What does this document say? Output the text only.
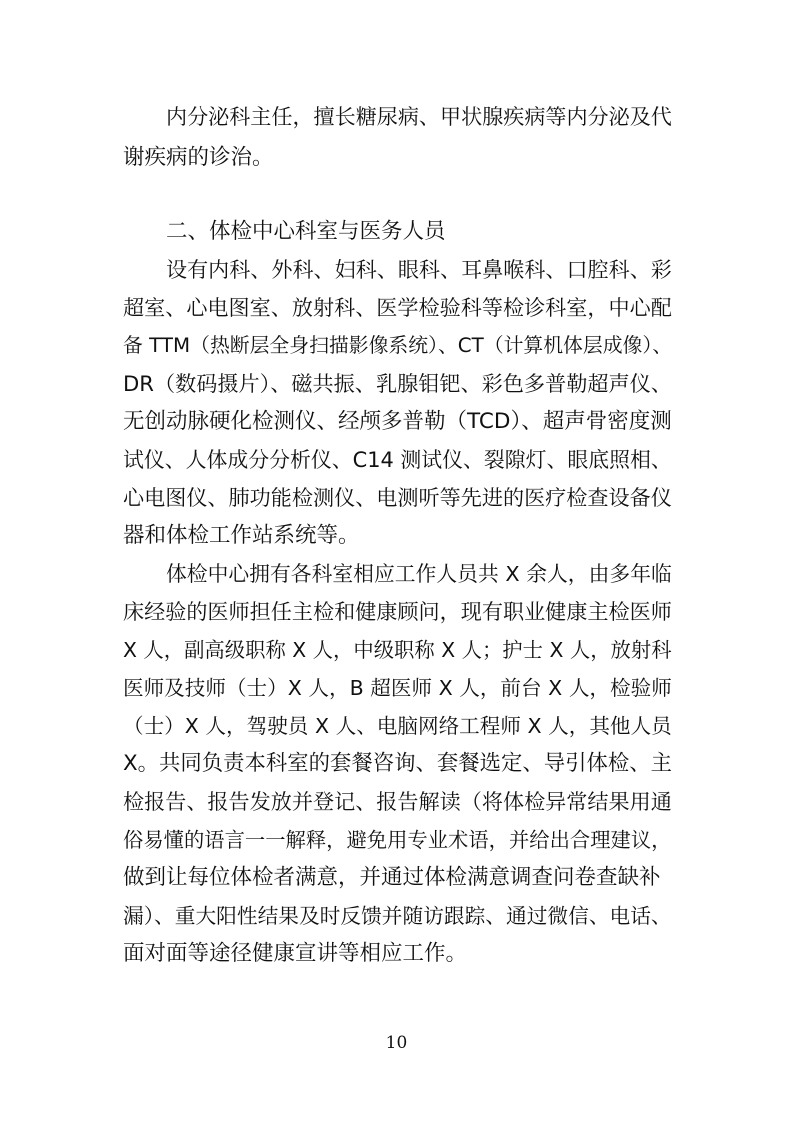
内分泌科主任，擅长糖尿病、甲状腺疾病等内分泌及代
谢疾病的诊治。
二、体检中心科室与医务人员
设有内科、外科、妇科、眼科、耳鼻喉科、口腔科、彩
超室、心电图室、放射科、医学检验科等检诊科室，中心配
备 TTM（热断层全身扫描影像系统）、CT（计算机体层成像）、
DR（数码摄片）、磁共振、乳腺钼钯、彩色多普勒超声仪、
无创动脉硬化检测仪、经颅多普勒（TCD）、超声骨密度测
试仪、人体成分分析仪、C14 测试仪、裂隙灯、眼底照相、
心电图仪、肺功能检测仪、电测听等先进的医疗检查设备仪
器和体检工作站系统等。
体检中心拥有各科室相应工作人员共 X 余人，由多年临
床经验的医师担任主检和健康顾问，现有职业健康主检医师
X 人，副高级职称 X 人，中级职称 X 人；护士 X 人，放射科
医师及技师（士）X 人，B 超医师 X 人，前台 X 人，检验师
（士）X 人，驾驶员 X 人、电脑网络工程师 X 人，其他人员
X。共同负责本科室的套餐咨询、套餐选定、导引体检、主
检报告、报告发放并登记、报告解读（将体检异常结果用通
俗易懂的语言一一解释，避免用专业术语，并给出合理建议，
做到让每位体检者满意，并通过体检满意调查问卷查缺补
漏）、重大阳性结果及时反馈并随访跟踪、通过微信、电话、
面对面等途径健康宣讲等相应工作。
10
